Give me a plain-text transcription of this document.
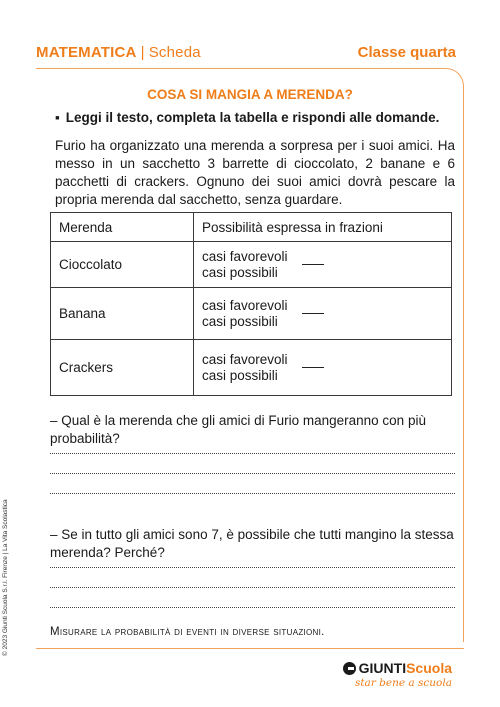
MATEMATICA | Scheda	Classe quarta
COSA SI MANGIA A MERENDA?
▪ Leggi il testo, completa la tabella e rispondi alle domande.
Furio ha organizzato una merenda a sorpresa per i suoi amici. Ha messo in un sacchetto 3 barrette di cioccolato, 2 banane e 6 pacchetti di crackers. Ognuno dei suoi amici dovrà pescare la propria merenda dal sacchetto, senza guardare.
Merenda	Possibilità espressa in frazioni
Cioccolato	casi favorevoli
casi possibili

Banana	casi favorevoli
casi possibili

Crackers	casi favorevoli
casi possibili
– Qual è la merenda che gli amici di Furio mangeranno con più probabilità?
– Se in tutto gli amici sono 7, è possibile che tutti mangino la stessa merenda? Perché?
Misurare la probabilità di eventi in diverse situazioni.
© 2023 Giunti Scuola S.r.l. Firenze | La Vita Scolastica
GIUNTI Scuola
star bene a scuola
